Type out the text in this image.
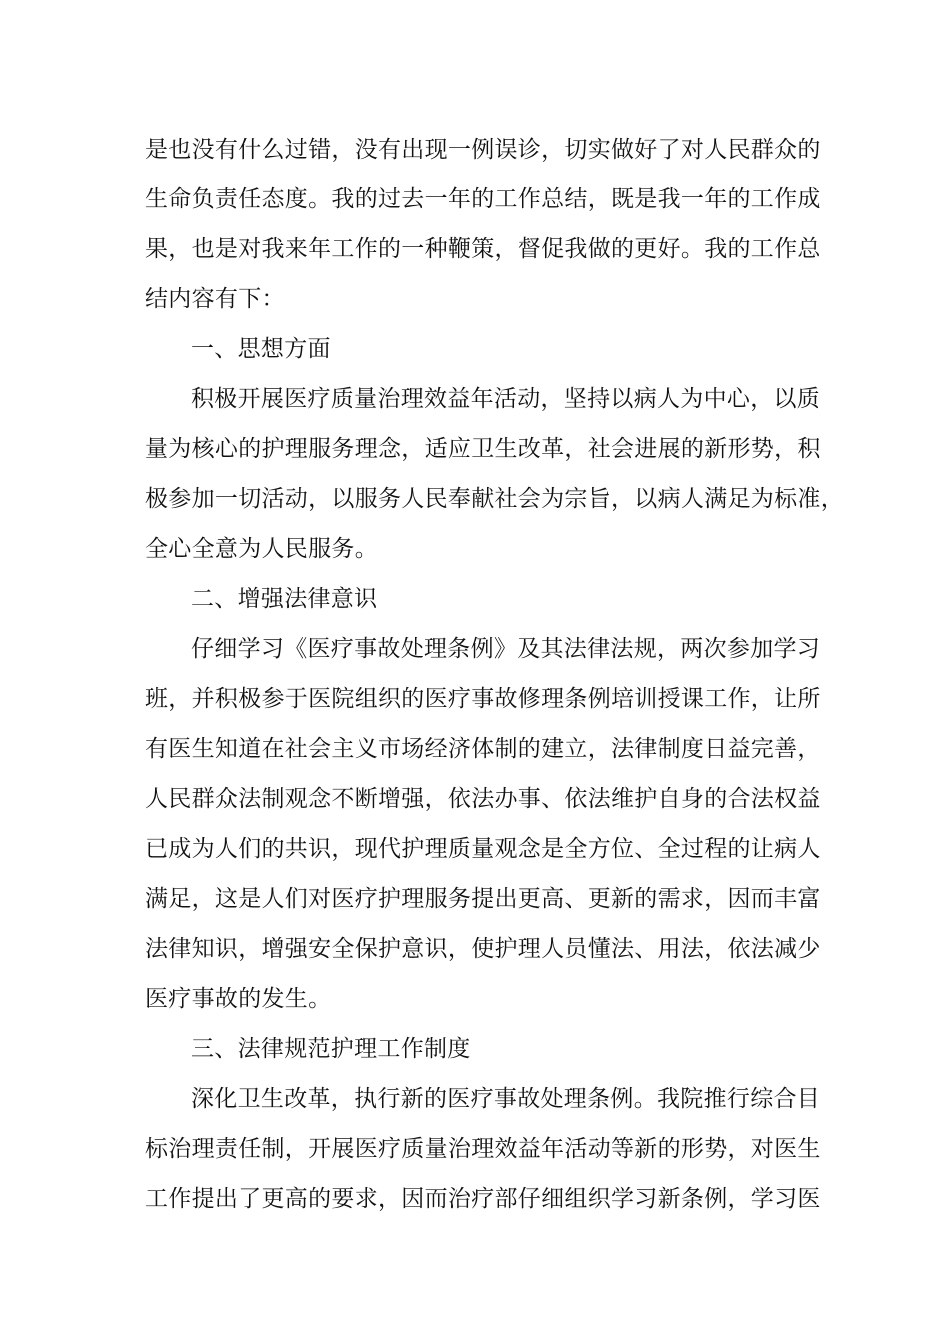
是也没有什么过错，没有出现一例误诊，切实做好了对人民群众的
生命负责任态度。我的过去一年的工作总结，既是我一年的工作成
果，也是对我来年工作的一种鞭策，督促我做的更好。我的工作总
结内容有下：
一、思想方面
积极开展医疗质量治理效益年活动，坚持以病人为中心，以质
量为核心的护理服务理念，适应卫生改革，社会进展的新形势，积
极参加一切活动，以服务人民奉献社会为宗旨，以病人满足为标准，
全心全意为人民服务。
二、增强法律意识
仔细学习《医疗事故处理条例》及其法律法规，两次参加学习
班，并积极参于医院组织的医疗事故修理条例培训授课工作，让所
有医生知道在社会主义市场经济体制的建立，法律制度日益完善，
人民群众法制观念不断增强，依法办事、依法维护自身的合法权益
已成为人们的共识，现代护理质量观念是全方位、全过程的让病人
满足，这是人们对医疗护理服务提出更高、更新的需求，因而丰富
法律知识，增强安全保护意识，使护理人员懂法、用法，依法减少
医疗事故的发生。
三、法律规范护理工作制度
深化卫生改革，执行新的医疗事故处理条例。我院推行综合目
标治理责任制，开展医疗质量治理效益年活动等新的形势，对医生
工作提出了更高的要求，因而治疗部仔细组织学习新条例，学习医
